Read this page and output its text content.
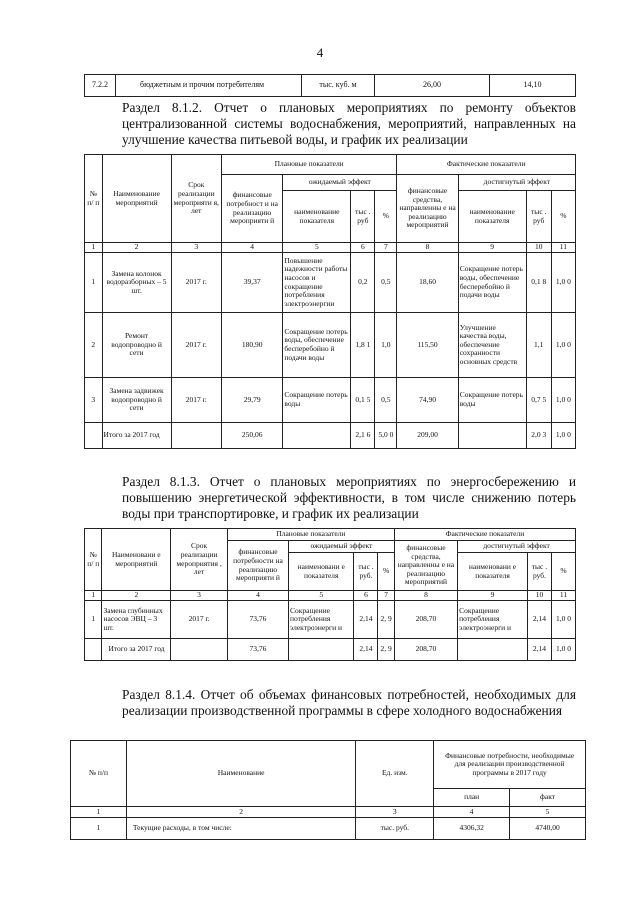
4
7.2.2	бюджетным и прочим потребителям	тыс. куб. м	26,00	14,10
Раздел 8.1.2. Отчет о плановых мероприятиях по ремонту объектов централизованной системы водоснабжения, мероприятий, направленных на улучшение качества питьевой воды, и график их реализации
№ п/ п	Наименование мероприятий	Срок реализации мероприяти я, лет	Плановые показатели				Фактические показатели			
			финансовые потребност и на реализацию мероприяти й	ожидаемый эффект			финансовые средства, направленны е на реализацию мероприятий	достигнутый эффект		
				наименование показателя	тыс . руб	%		наименование показателя	тыс . руб	%
1	2	3	4	5	6	7	8	9	10	11
1	Замена колонок водоразборных – 5 шт.	2017 г.	39,37	Повышение надежности работы насосов и сокращение потребления электроэнергии	0,2	0,5	18,60	Сокращение потерь воды, обеспечение бесперебойно й подачи воды	0,1 8	1,0 0
2	Ремонт водопроводно й сети	2017 г.	180,90	Сокращение потерь воды, обеспечение бесперебойно й подачи воды	1,8 1	1,0	115,50	Улучшение качества воды, обеспечение сохранности основных средств	1,1	1,0 0
3	Замена задвижек водопроводно й сети	2017 г.	29,79	Сокращение потерь воды	0,1 5	0,5	74,90	Сокращение потерь воды	0,7 5	1,0 0
	Итого за 2017 год		250,06		2,1 6	5,0 0	209,00		2,0 3	1,0 0
Раздел 8.1.3. Отчет о плановых мероприятиях по энергосбережению и повышению энергетической эффективности, в том числе снижению потерь воды при транспортировке, и график их реализации
№ п/ п	Наименовани е мероприятий	Срок реализации мероприятия , лет	Плановые показатели				Фактические показатели			
			финансовые потребности на реализацию мероприяти й	ожидаемый эффект			финансовые средства, направленны е на реализацию мероприятий	достигнутый эффект		
				наименовани е показателя	тыс . руб.	%		наименовани е показателя	тыс . руб.	%
1	2	3	4	5	6	7	8	9	10	11
1	Замена глубинных насосов ЭВЦ – 3 шт.	2017 г.	73,76	Сокращение потребления электроэнерги и	2,14	2, 9	208,70	Сокращение потребления электроэнерги и	2,14	1,0 0
	Итого за 2017 год		73,76		2,14	2, 9	208,70		2,14	1,0 0
Раздел 8.1.4. Отчет об объемах финансовых потребностей, необходимых для реализации производственной программы в сфере холодного водоснабжения
№ п/п	Наименование	Ед. изм.	Финансовые потребности, необходимые для реализации производственной программы в 2017 году	
			план	факт
1	2	3	4	5
1	Текущие расходы, в том числе:	тыс. руб.	4306,32	4740,00
